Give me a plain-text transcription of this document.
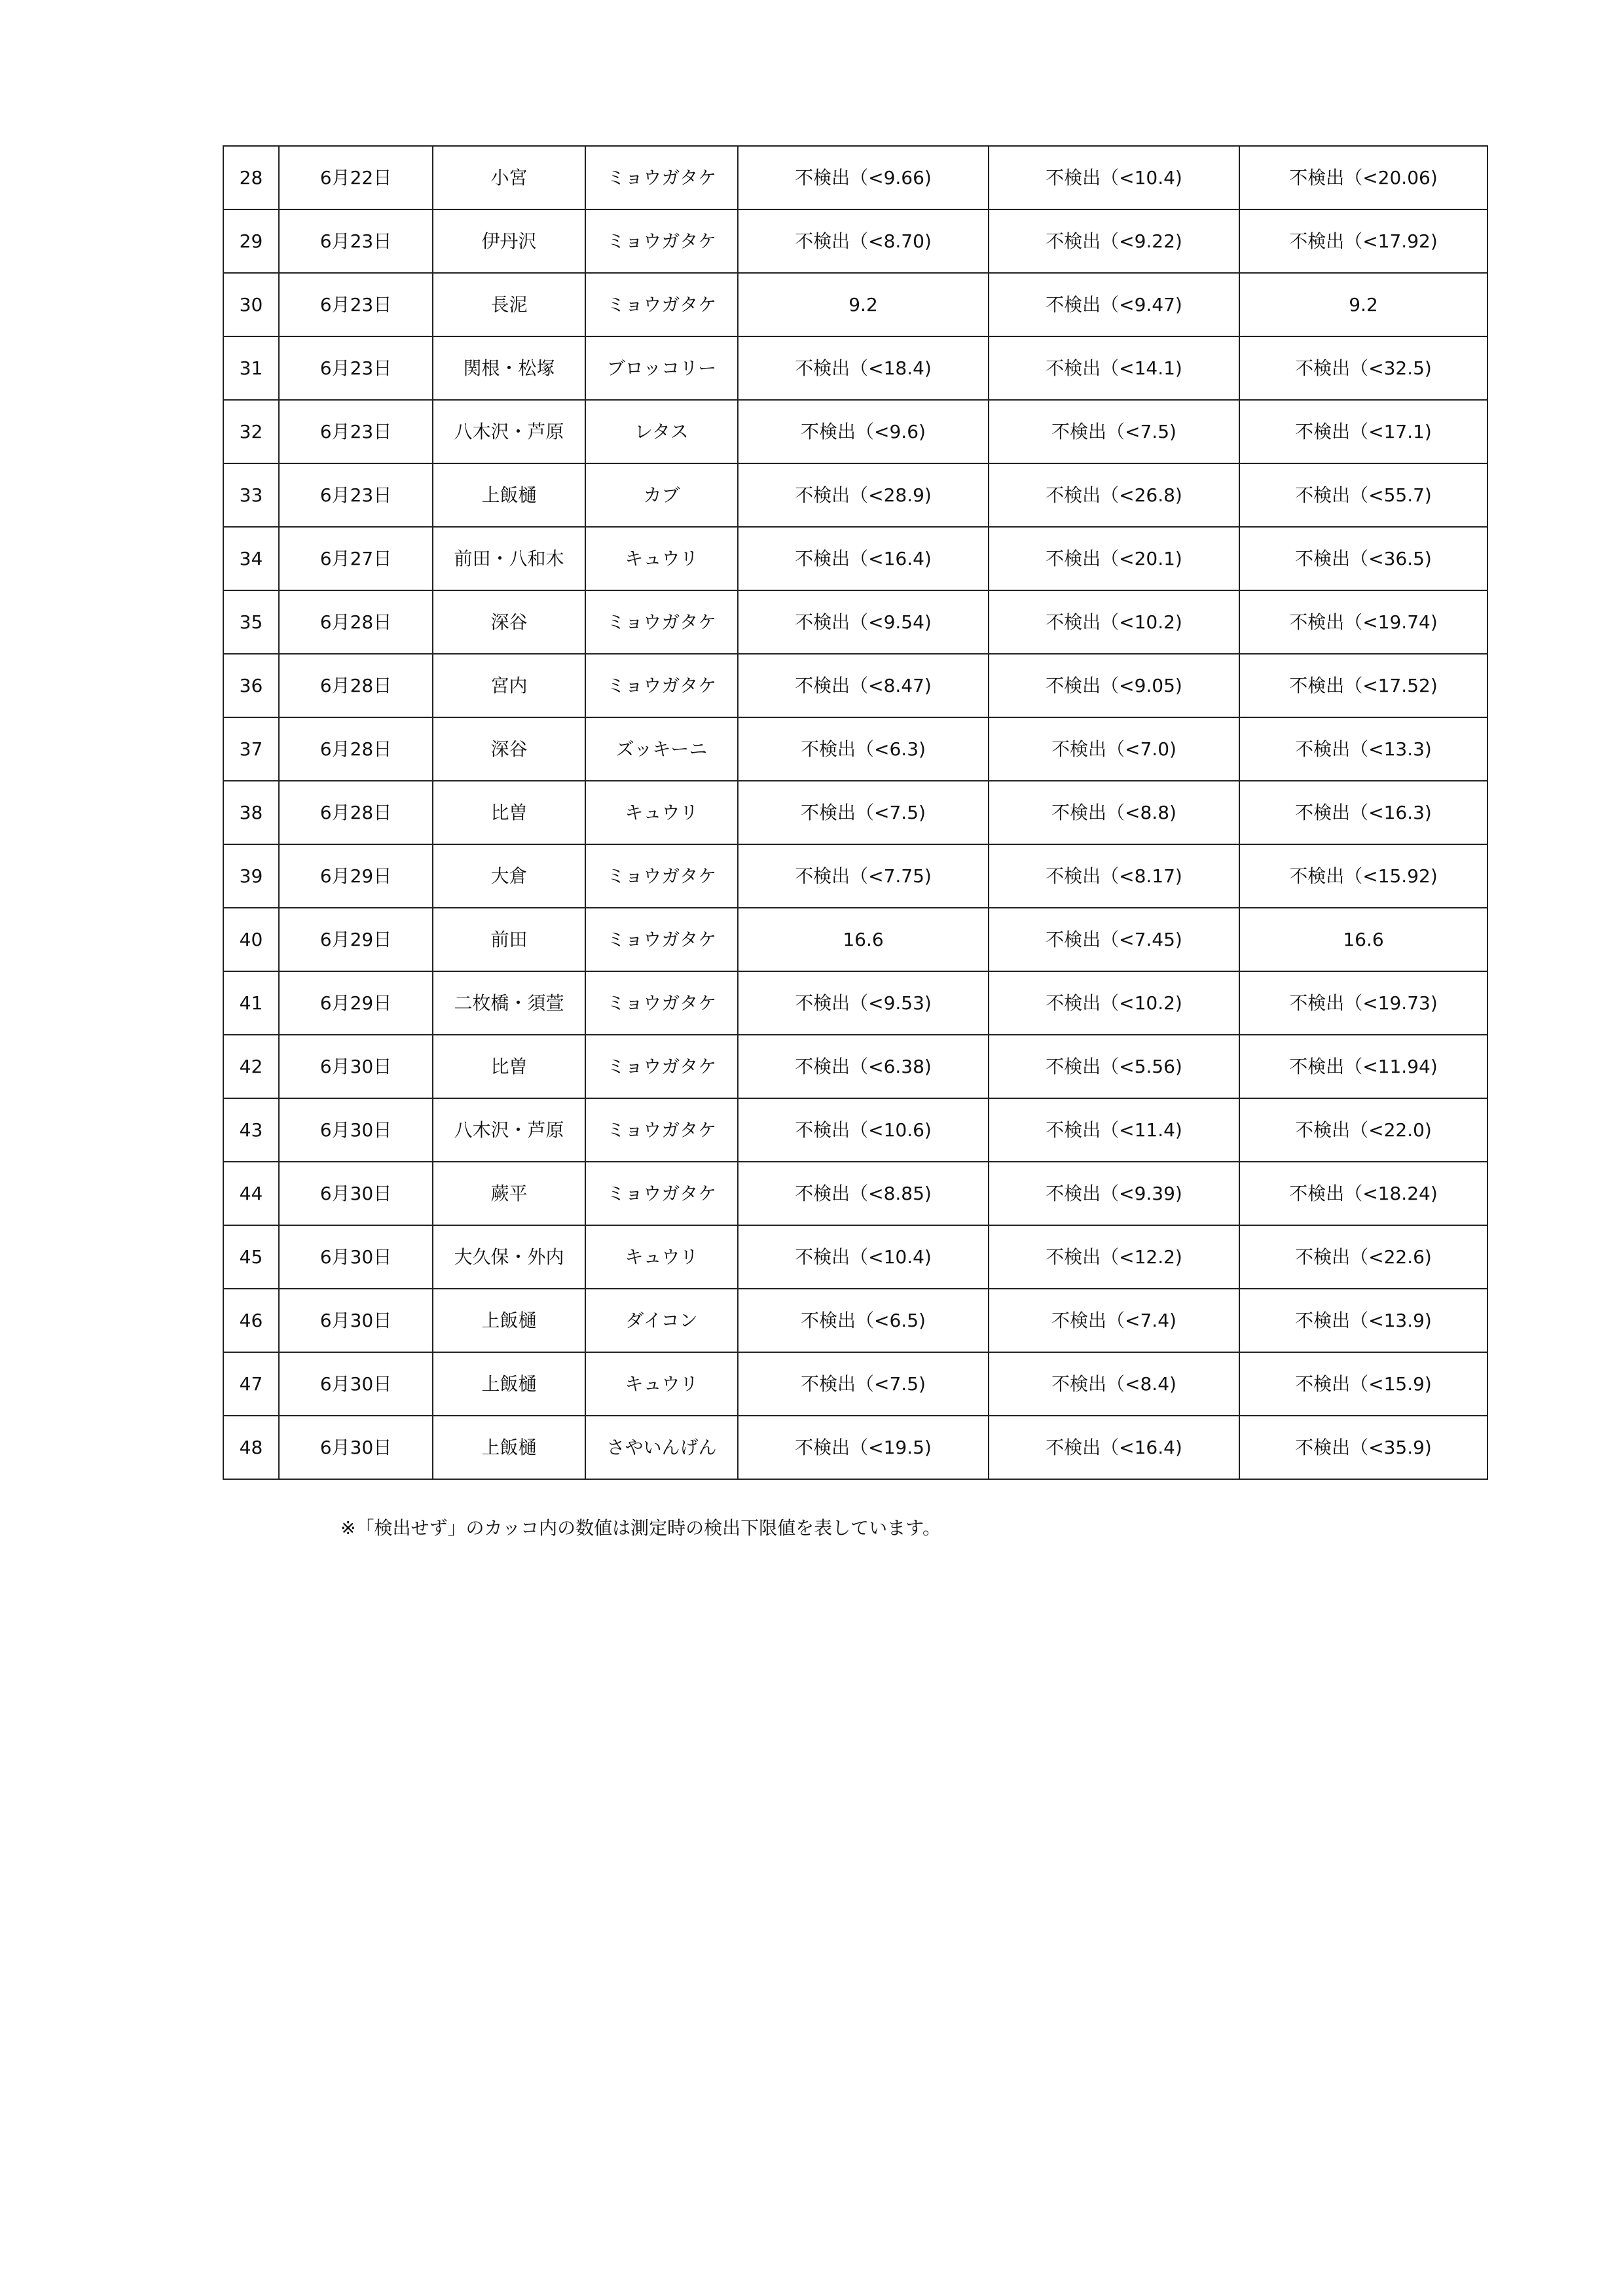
28	6月22日	小宮	ミョウガタケ	不検出（<9.66)	不検出（<10.4)	不検出（<20.06)
29	6月23日	伊丹沢	ミョウガタケ	不検出（<8.70)	不検出（<9.22)	不検出（<17.92)
30	6月23日	長泥	ミョウガタケ	9.2	不検出（<9.47)	9.2
31	6月23日	関根・松塚	ブロッコリー	不検出（<18.4)	不検出（<14.1)	不検出（<32.5)
32	6月23日	八木沢・芦原	レタス	不検出（<9.6)	不検出（<7.5)	不検出（<17.1)
33	6月23日	上飯樋	カブ	不検出（<28.9)	不検出（<26.8)	不検出（<55.7)
34	6月27日	前田・八和木	キュウリ	不検出（<16.4)	不検出（<20.1)	不検出（<36.5)
35	6月28日	深谷	ミョウガタケ	不検出（<9.54)	不検出（<10.2)	不検出（<19.74)
36	6月28日	宮内	ミョウガタケ	不検出（<8.47)	不検出（<9.05)	不検出（<17.52)
37	6月28日	深谷	ズッキーニ	不検出（<6.3)	不検出（<7.0)	不検出（<13.3)
38	6月28日	比曽	キュウリ	不検出（<7.5)	不検出（<8.8)	不検出（<16.3)
39	6月29日	大倉	ミョウガタケ	不検出（<7.75)	不検出（<8.17)	不検出（<15.92)
40	6月29日	前田	ミョウガタケ	16.6	不検出（<7.45)	16.6
41	6月29日	二枚橋・須萱	ミョウガタケ	不検出（<9.53)	不検出（<10.2)	不検出（<19.73)
42	6月30日	比曽	ミョウガタケ	不検出（<6.38)	不検出（<5.56)	不検出（<11.94)
43	6月30日	八木沢・芦原	ミョウガタケ	不検出（<10.6)	不検出（<11.4)	不検出（<22.0)
44	6月30日	蕨平	ミョウガタケ	不検出（<8.85)	不検出（<9.39)	不検出（<18.24)
45	6月30日	大久保・外内	キュウリ	不検出（<10.4)	不検出（<12.2)	不検出（<22.6)
46	6月30日	上飯樋	ダイコン	不検出（<6.5)	不検出（<7.4)	不検出（<13.9)
47	6月30日	上飯樋	キュウリ	不検出（<7.5)	不検出（<8.4)	不検出（<15.9)
48	6月30日	上飯樋	さやいんげん	不検出（<19.5)	不検出（<16.4)	不検出（<35.9)
※「検出せず」のカッコ内の数値は測定時の検出下限値を表しています。
